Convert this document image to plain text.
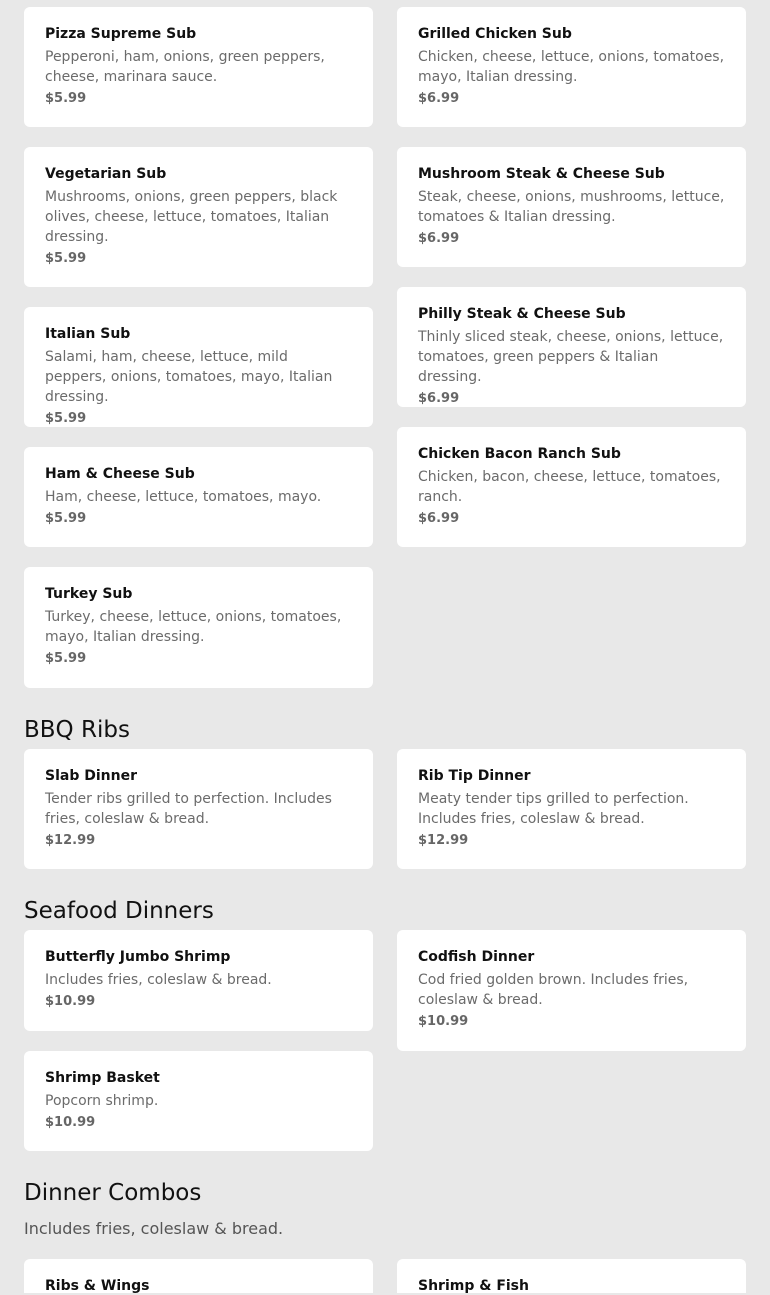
Pizza Supreme Sub
Pepperoni, ham, onions, green peppers, cheese, marinara sauce.
$5.99
Grilled Chicken Sub
Chicken, cheese, lettuce, onions, tomatoes, mayo, Italian dressing.
$6.99
Vegetarian Sub
Mushrooms, onions, green peppers, black olives, cheese, lettuce, tomatoes, Italian dressing.
$5.99
Mushroom Steak & Cheese Sub
Steak, cheese, onions, mushrooms, lettuce, tomatoes & Italian dressing.
$6.99
Italian Sub
Salami, ham, cheese, lettuce, mild peppers, onions, tomatoes, mayo, Italian dressing.
$5.99
Philly Steak & Cheese Sub
Thinly sliced steak, cheese, onions, lettuce, tomatoes, green peppers & Italian dressing.
$6.99
Ham & Cheese Sub
Ham, cheese, lettuce, tomatoes, mayo.
$5.99
Chicken Bacon Ranch Sub
Chicken, bacon, cheese, lettuce, tomatoes, ranch.
$6.99
Turkey Sub
Turkey, cheese, lettuce, onions, tomatoes, mayo, Italian dressing.
$5.99
BBQ Ribs
Slab Dinner
Tender ribs grilled to perfection. Includes fries, coleslaw & bread.
$12.99
Rib Tip Dinner
Meaty tender tips grilled to perfection. Includes fries, coleslaw & bread.
$12.99
Seafood Dinners
Butterfly Jumbo Shrimp
Includes fries, coleslaw & bread.
$10.99
Codfish Dinner
Cod fried golden brown. Includes fries, coleslaw & bread.
$10.99
Shrimp Basket
Popcorn shrimp.
$10.99
Dinner Combos

Includes fries, coleslaw & bread.

Ribs & Wings	Shrimp & Fish
